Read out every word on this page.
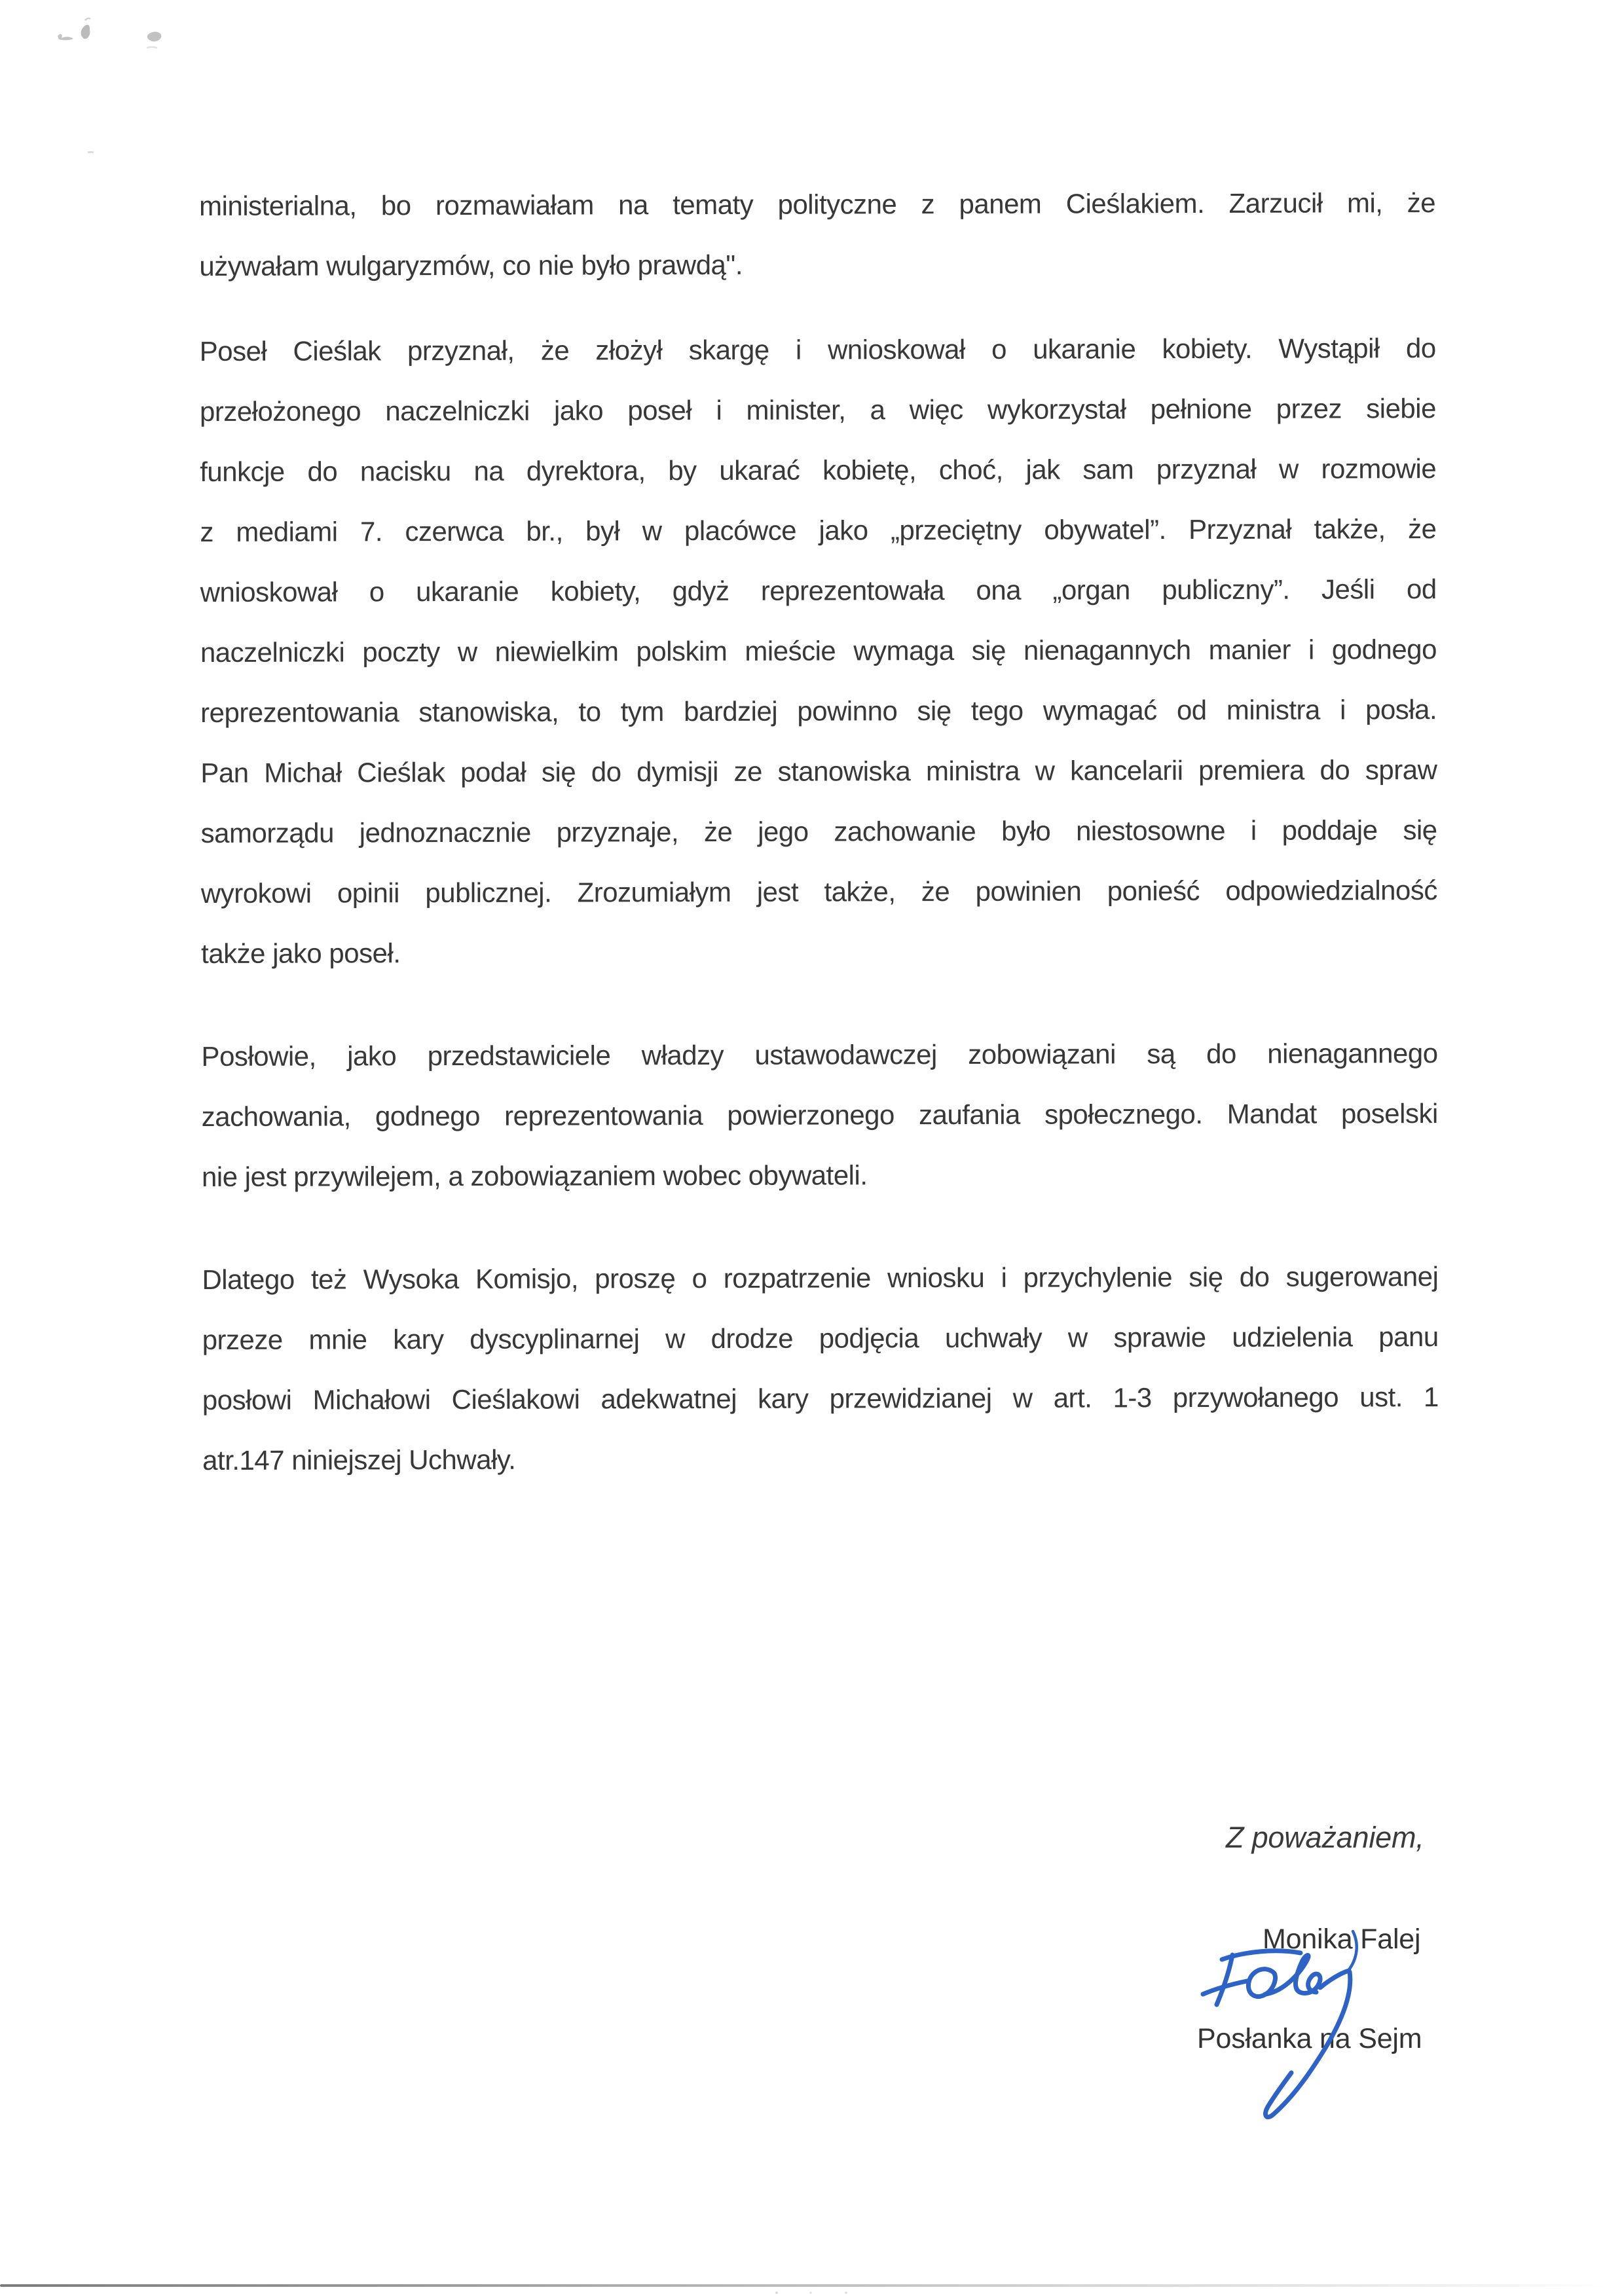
ministerialna, bo rozmawiałam na tematy polityczne z panem Cieślakiem. Zarzucił mi, że
używałam wulgaryzmów, co nie było prawdą".
Poseł Cieślak przyznał, że złożył skargę i wnioskował o ukaranie kobiety. Wystąpił do
przełożonego naczelniczki jako poseł i minister, a więc wykorzystał pełnione przez siebie
funkcje do nacisku na dyrektora, by ukarać kobietę, choć, jak sam przyznał w rozmowie
z mediami 7. czerwca br., był w placówce jako „przeciętny obywatel”. Przyznał także, że
wnioskował o ukaranie kobiety, gdyż reprezentowała ona „organ publiczny”. Jeśli od
naczelniczki poczty w niewielkim polskim mieście wymaga się nienagannych manier i godnego
reprezentowania stanowiska, to tym bardziej powinno się tego wymagać od ministra i posła.
Pan Michał Cieślak podał się do dymisji ze stanowiska ministra w kancelarii premiera do spraw
samorządu jednoznacznie przyznaje, że jego zachowanie było niestosowne i poddaje się
wyrokowi opinii publicznej. Zrozumiałym jest także, że powinien ponieść odpowiedzialność
także jako poseł.
Posłowie, jako przedstawiciele władzy ustawodawczej zobowiązani są do nienagannego
zachowania, godnego reprezentowania powierzonego zaufania społecznego. Mandat poselski
nie jest przywilejem, a zobowiązaniem wobec obywateli.
Dlatego też Wysoka Komisjo, proszę o rozpatrzenie wniosku i przychylenie się do sugerowanej
przeze mnie kary dyscyplinarnej w drodze podjęcia uchwały w sprawie udzielenia panu
posłowi Michałowi Cieślakowi adekwatnej kary przewidzianej w art. 1-3 przywołanego ust. 1
atr.147 niniejszej Uchwały.
Z poważaniem,
Monika Falej
Posłanka na Sejm
